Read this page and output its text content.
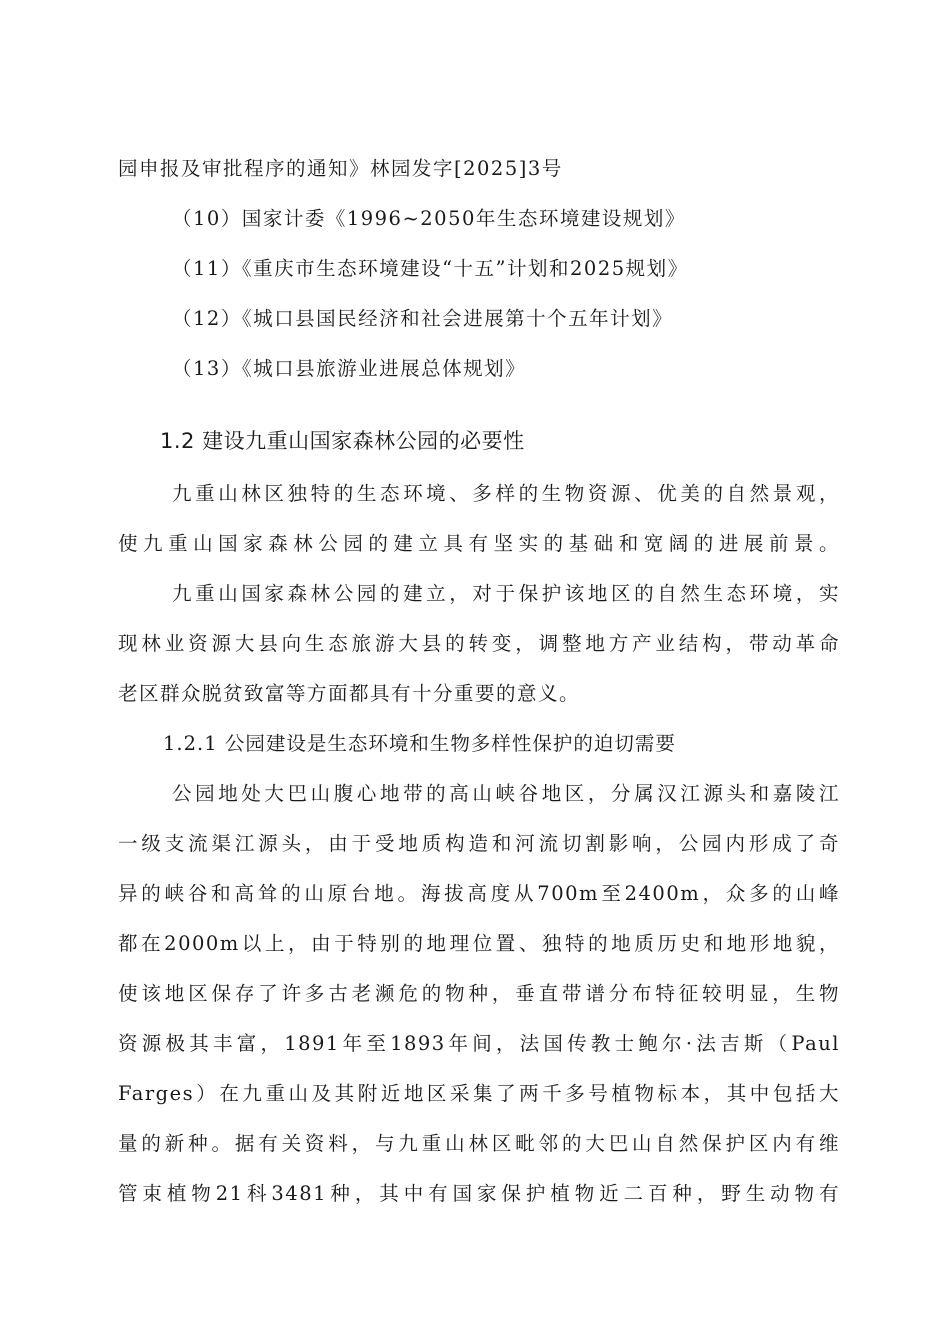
园申报及审批程序的通知》林园发字[2025]3号
（10）国家计委《1996~2050年生态环境建设规划》
（11）《重庆市生态环境建设“十五”计划和2025规划》
（12）《城口县国民经济和社会进展第十个五年计划》
（13）《城口县旅游业进展总体规划》
1.2 建设九重山国家森林公园的必要性
九重山林区独特的生态环境、多样的生物资源、优美的自然景观，
使九重山国家森林公园的建立具有坚实的基础和宽阔的进展前景。
九重山国家森林公园的建立，对于保护该地区的自然生态环境，实
现林业资源大县向生态旅游大县的转变，调整地方产业结构，带动革命
老区群众脱贫致富等方面都具有十分重要的意义。
1.2.1 公园建设是生态环境和生物多样性保护的迫切需要
公园地处大巴山腹心地带的高山峡谷地区，分属汉江源头和嘉陵江
一级支流渠江源头，由于受地质构造和河流切割影响，公园内形成了奇
异的峡谷和高耸的山原台地。海拔高度从700m至2400m，众多的山峰
都在2000m以上，由于特别的地理位置、独特的地质历史和地形地貌，
使该地区保存了许多古老濒危的物种，垂直带谱分布特征较明显，生物
资源极其丰富，1891年至1893年间，法国传教士鲍尔·法吉斯（Paul
Farges）在九重山及其附近地区采集了两千多号植物标本，其中包括大
量的新种。据有关资料，与九重山林区毗邻的大巴山自然保护区内有维
管束植物21科3481种，其中有国家保护植物近二百种，野生动物有
